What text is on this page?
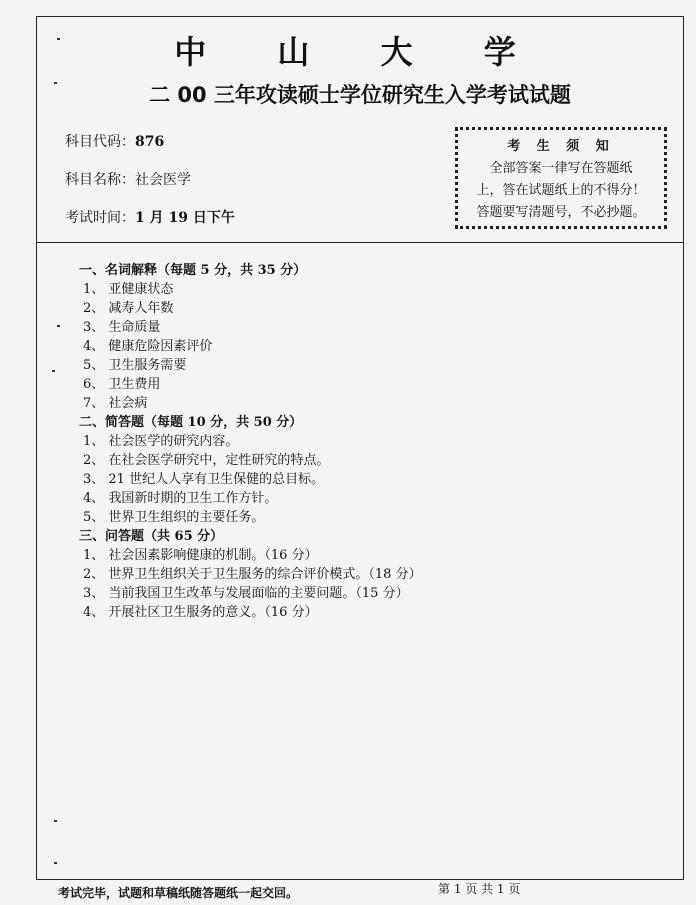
中 山 大 学
二 00 三年攻读硕士学位研究生入学考试试题
科目代码：876
科目名称：社会医学
考试时间：1 月 19 日下午
考 生 须 知
全部答案一律写在答题纸
上，答在试题纸上的不得分！
答题要写清题号，不必抄题。
一、名词解释（每题 5 分，共 35 分）
1、 亚健康状态
2、 减寿人年数
3、 生命质量
4、 健康危险因素评价
5、 卫生服务需要
6、 卫生费用
7、 社会病
二、简答题（每题 10 分，共 50 分）
1、 社会医学的研究内容。
2、 在社会医学研究中，定性研究的特点。
3、 21 世纪人人享有卫生保健的总目标。
4、 我国新时期的卫生工作方针。
5、 世界卫生组织的主要任务。
三、问答题（共 65 分）
1、 社会因素影响健康的机制。（16 分）
2、 世界卫生组织关于卫生服务的综合评价模式。（18 分）
3、 当前我国卫生改革与发展面临的主要问题。（15 分）
4、 开展社区卫生服务的意义。（16 分）
考试完毕，试题和草稿纸随答题纸一起交回。	第 1 页 共 1 页
